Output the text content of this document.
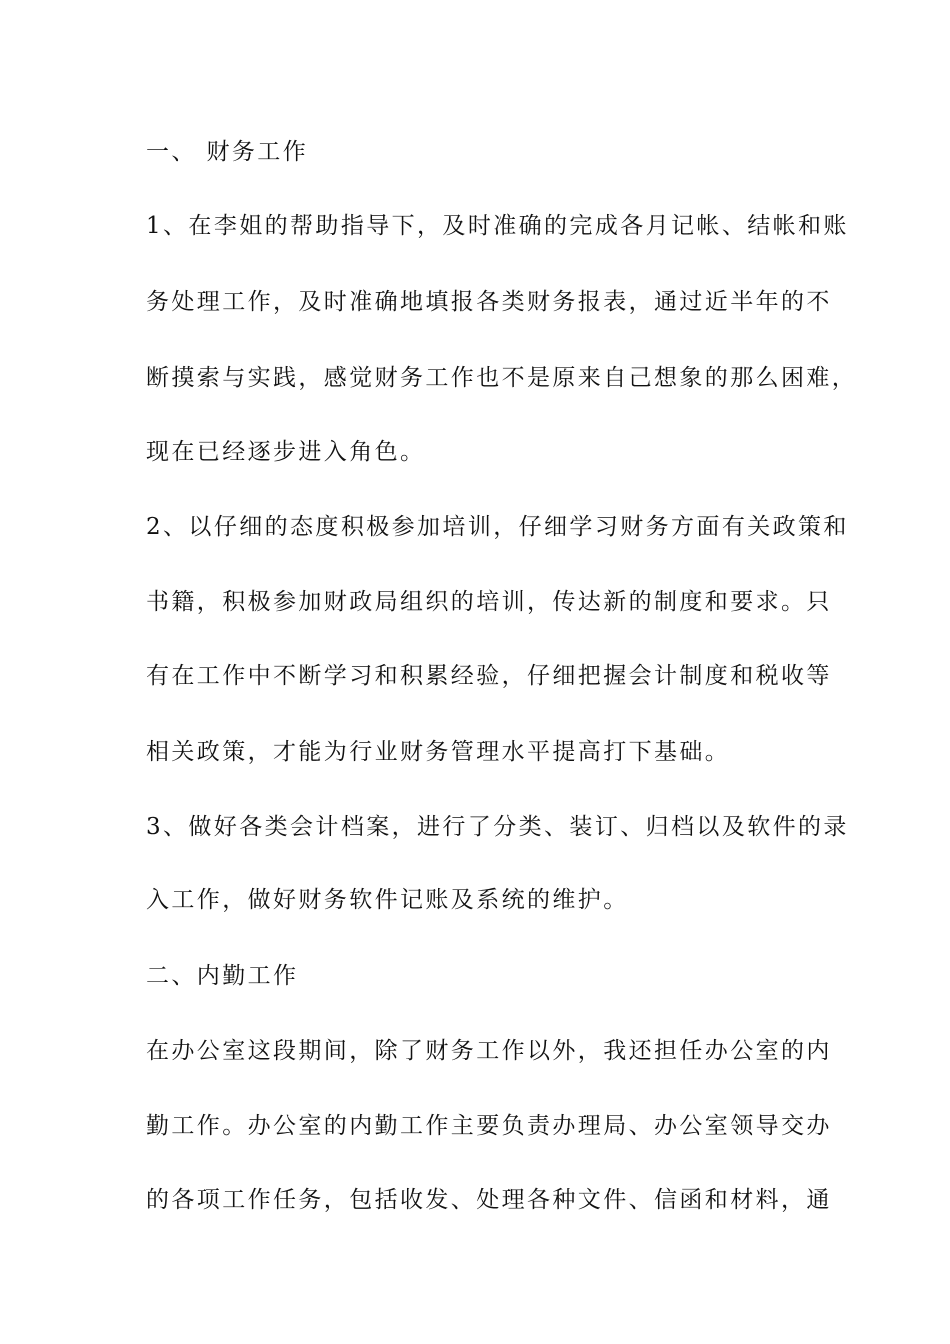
一、 财务工作
1、在李姐的帮助指导下，及时准确的完成各月记帐、结帐和账
务处理工作，及时准确地填报各类财务报表，通过近半年的不
断摸索与实践，感觉财务工作也不是原来自己想象的那么困难，
现在已经逐步进入角色。
2、以仔细的态度积极参加培训，仔细学习财务方面有关政策和
书籍，积极参加财政局组织的培训，传达新的制度和要求。只
有在工作中不断学习和积累经验，仔细把握会计制度和税收等
相关政策，才能为行业财务管理水平提高打下基础。
3、做好各类会计档案，进行了分类、装订、归档以及软件的录
入工作，做好财务软件记账及系统的维护。
二、内勤工作
在办公室这段期间，除了财务工作以外，我还担任办公室的内
勤工作。办公室的内勤工作主要负责办理局、办公室领导交办
的各项工作任务，包括收发、处理各种文件、信函和材料，通
